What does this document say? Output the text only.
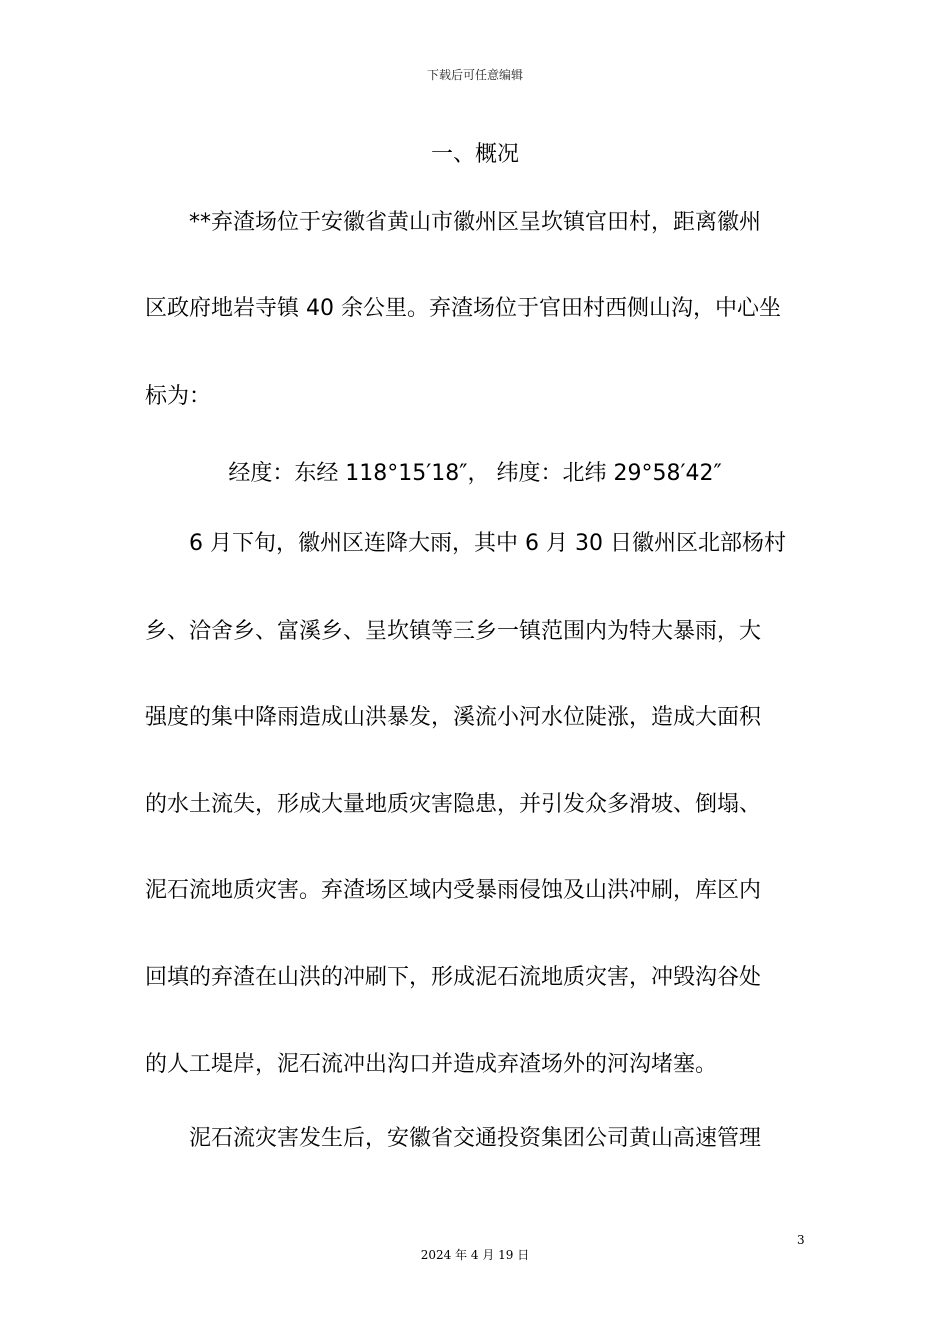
下载后可任意编辑
一、概况
**弃渣场位于安徽省黄山市徽州区呈坎镇官田村，距离徽州
区政府地岩寺镇 40 余公里。弃渣场位于官田村西侧山沟，中心坐
标为：
经度：东经 118°15′18″， 纬度：北纬 29°58′42″
6 月下旬，徽州区连降大雨，其中 6 月 30 日徽州区北部杨村
乡、洽舍乡、富溪乡、呈坎镇等三乡一镇范围内为特大暴雨，大
强度的集中降雨造成山洪暴发，溪流小河水位陡涨，造成大面积
的水土流失，形成大量地质灾害隐患，并引发众多滑坡、倒塌、
泥石流地质灾害。弃渣场区域内受暴雨侵蚀及山洪冲刷，库区内
回填的弃渣在山洪的冲刷下，形成泥石流地质灾害，冲毁沟谷处
的人工堤岸，泥石流冲出沟口并造成弃渣场外的河沟堵塞。
泥石流灾害发生后，安徽省交通投资集团公司黄山高速管理
3
2024 年 4 月 19 日
